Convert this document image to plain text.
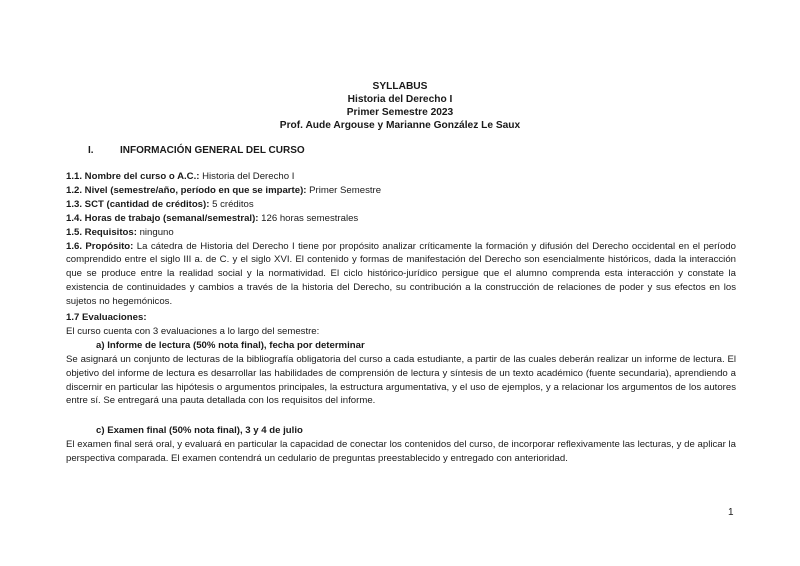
SYLLABUS
Historia del Derecho I
Primer Semestre 2023
Prof. Aude Argouse y Marianne González Le Saux
I.	INFORMACIÓN GENERAL DEL CURSO

1.1. Nombre del curso o A.C.: Historia del Derecho I

1.2. Nivel (semestre/año, período en que se imparte): Primer Semestre

1.3. SCT (cantidad de créditos): 5 créditos

1.4. Horas de trabajo (semanal/semestral): 126 horas semestrales

1.5. Requisitos: ninguno

1.6. Propósito: La cátedra de Historia del Derecho I tiene por propósito analizar críticamente la formación y difusión del Derecho occidental en el período comprendido entre el siglo III a. de C. y el siglo XVI. El contenido y formas de manifestación del Derecho son esencialmente históricos, dada la interacción que se produce entre la realidad social y la normatividad. El ciclo histórico-jurídico persigue que el alumno comprenda esta interacción y constate la existencia de continuidades y cambios a través de la historia del Derecho, su contribución a la construcción de relaciones de poder y sus efectos en los sujetos no hegemónicos.

1.7 Evaluaciones:

El curso cuenta con 3 evaluaciones a lo largo del semestre:

a) Informe de lectura (50% nota final), fecha por determinar

Se asignará un conjunto de lecturas de la bibliografía obligatoria del curso a cada estudiante, a partir de las cuales deberán realizar un informe de lectura. El objetivo del informe de lectura es desarrollar las habilidades de comprensión de lectura y síntesis de un texto académico (fuente secundaria), aprendiendo a discernir en particular las hipótesis o argumentos principales, la estructura argumentativa, y el uso de ejemplos, y a relacionar los argumentos de los autores entre sí. Se entregará una pauta detallada con los requisitos del informe.

c) Examen final (50% nota final), 3 y 4 de julio

El examen final será oral, y evaluará en particular la capacidad de conectar los contenidos del curso, de incorporar reflexivamente las lecturas, y de aplicar la perspectiva comparada. El examen contendrá un cedulario de preguntas preestablecido y entregado con anterioridad.

1
